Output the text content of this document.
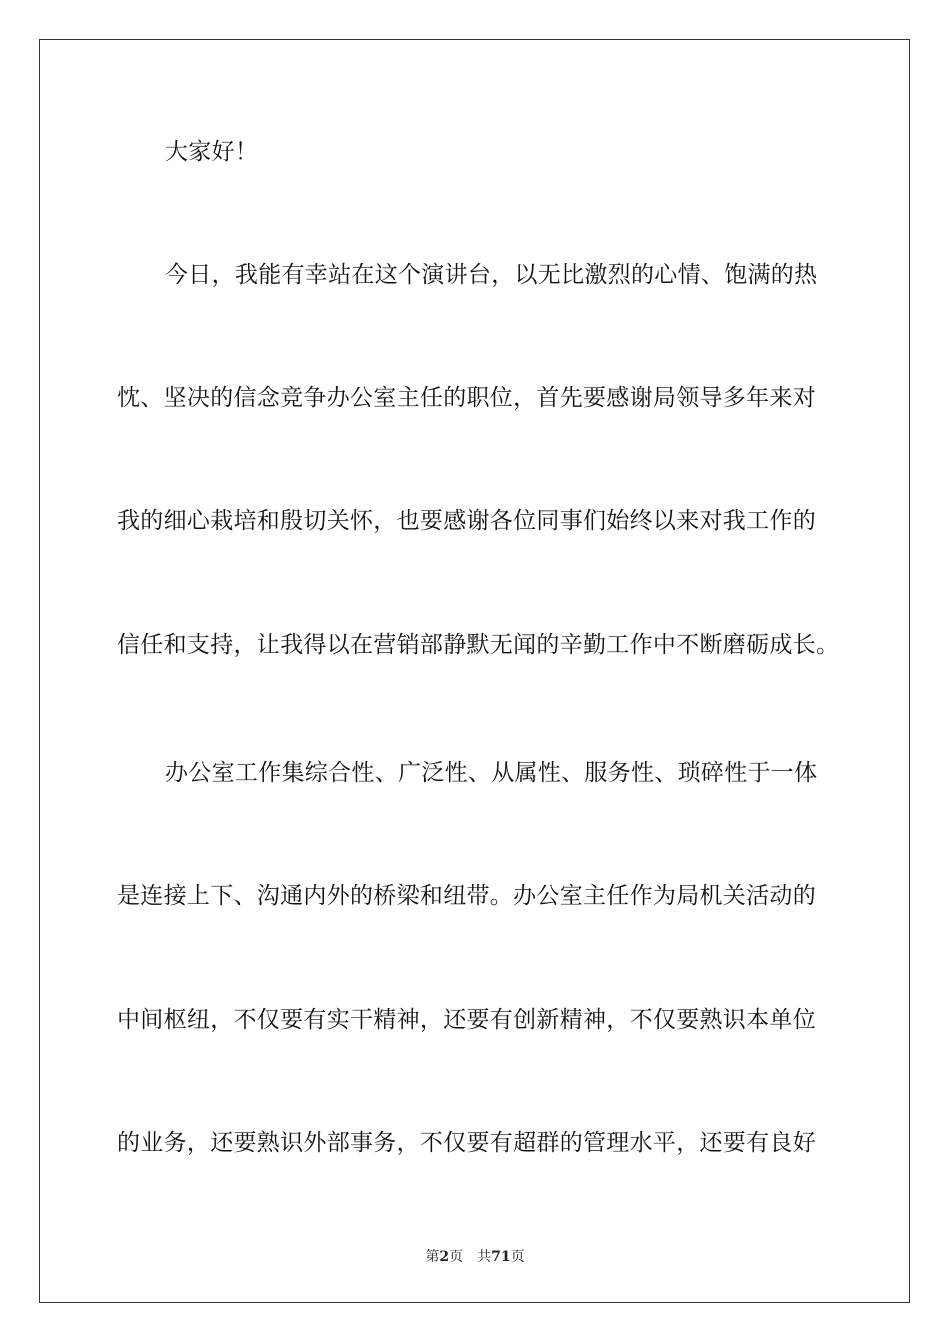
大家好！
今日，我能有幸站在这个演讲台，以无比激烈的心情、饱满的热
忱、坚决的信念竞争办公室主任的职位，首先要感谢局领导多年来对
我的细心栽培和殷切关怀，也要感谢各位同事们始终以来对我工作的
信任和支持，让我得以在营销部静默无闻的辛勤工作中不断磨砺成长。
办公室工作集综合性、广泛性、从属性、服务性、琐碎性于一体
是连接上下、沟通内外的桥梁和纽带。办公室主任作为局机关活动的
中间枢纽，不仅要有实干精神，还要有创新精神，不仅要熟识本单位
的业务，还要熟识外部事务，不仅要有超群的管理水平，还要有良好
第2页 共71页
